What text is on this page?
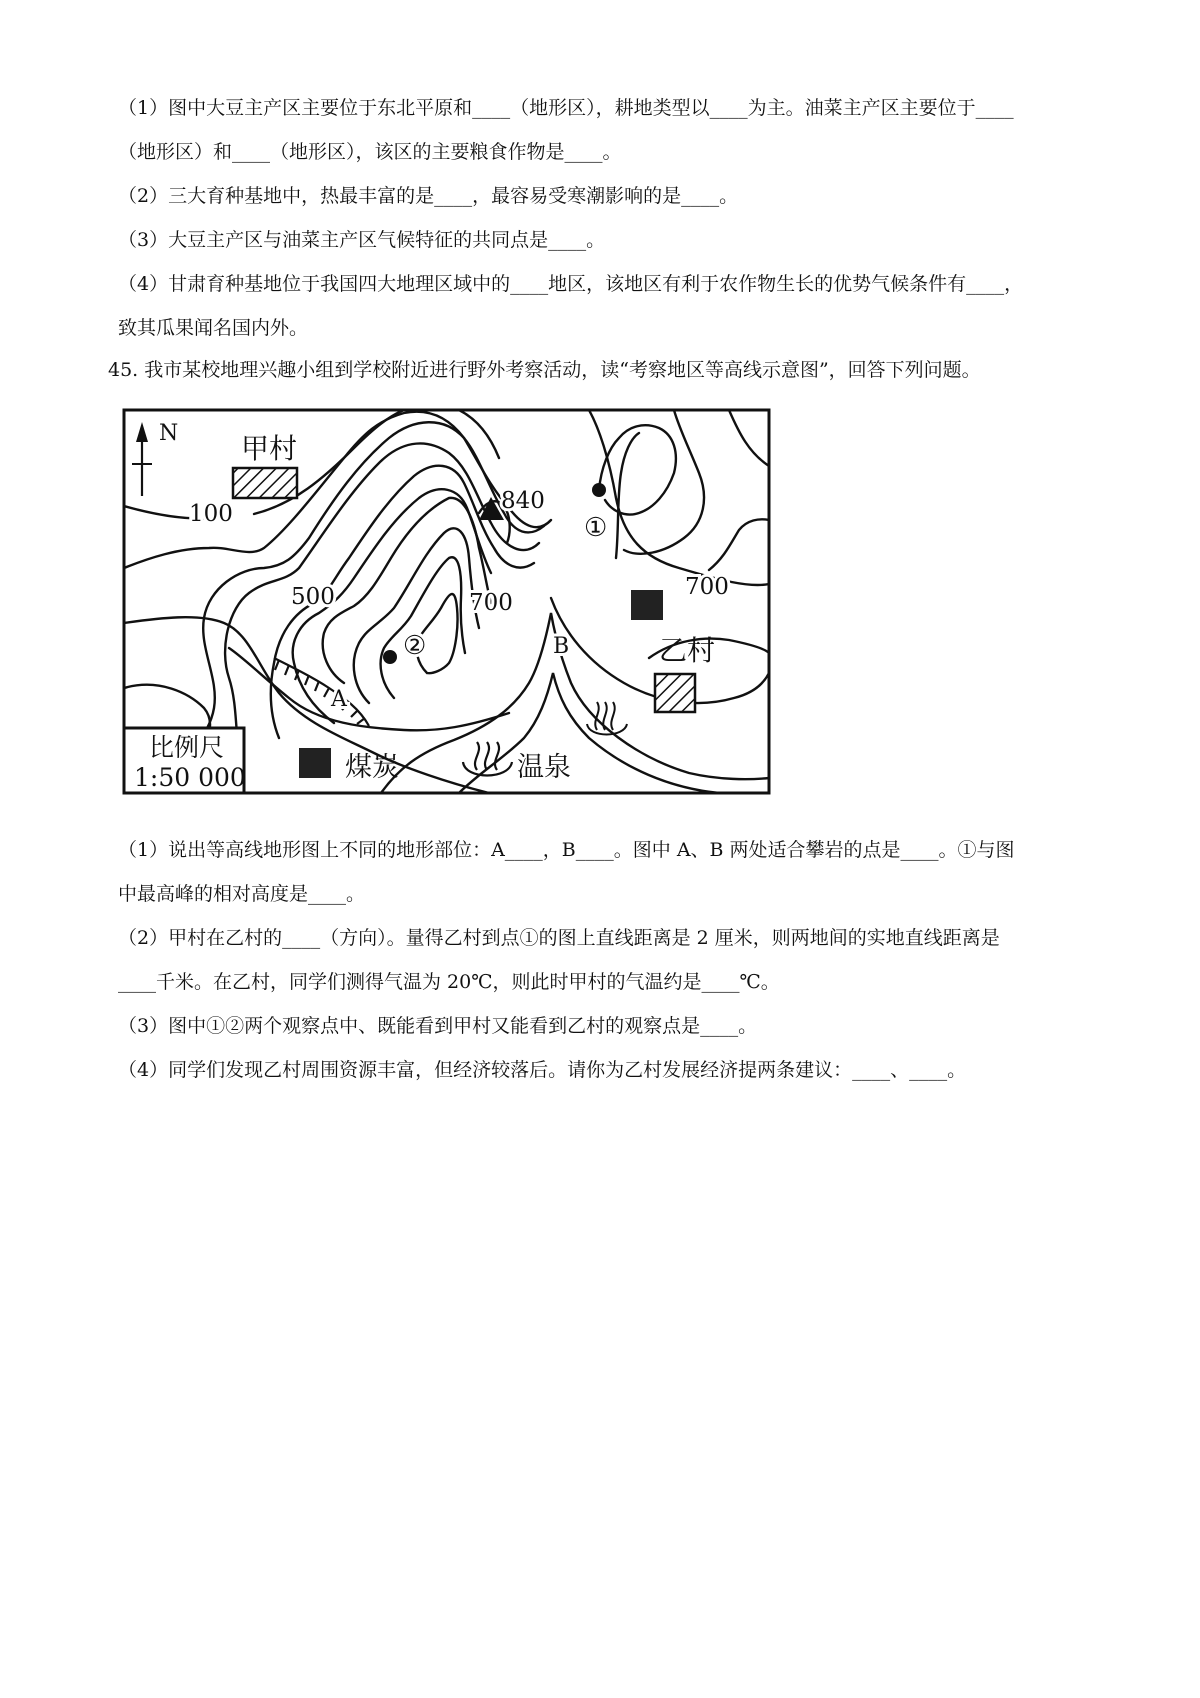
（1）图中大豆主产区主要位于东北平原和____（地形区），耕地类型以____为主。油菜主产区主要位于____
（地形区）和____（地形区），该区的主要粮食作物是____。
（2）三大育种基地中，热最丰富的是____，最容易受寒潮影响的是____。
（3）大豆主产区与油菜主产区气候特征的共同点是____。
（4）甘肃育种基地位于我国四大地理区域中的____地区，该地区有利于农作物生长的优势气候条件有____，
致其瓜果闻名国内外。
45. 我市某校地理兴趣小组到学校附近进行野外考察活动，读“考察地区等高线示意图”，回答下列问题。
N 甲村
乙村
100
500	700
700
840
①
②
A
B
比例尺
1:50 000	煤炭	温泉
（1）说出等高线地形图上不同的地形部位：A____，B____。图中 A、B 两处适合攀岩的点是____。①与图
中最高峰的相对高度是____。
（2）甲村在乙村的____（方向）。量得乙村到点①的图上直线距离是 2 厘米，则两地间的实地直线距离是
____千米。在乙村，同学们测得气温为 20℃，则此时甲村的气温约是____℃。
（3）图中①②两个观察点中、既能看到甲村又能看到乙村的观察点是____。
（4）同学们发现乙村周围资源丰富，但经济较落后。请你为乙村发展经济提两条建议：____、____。
